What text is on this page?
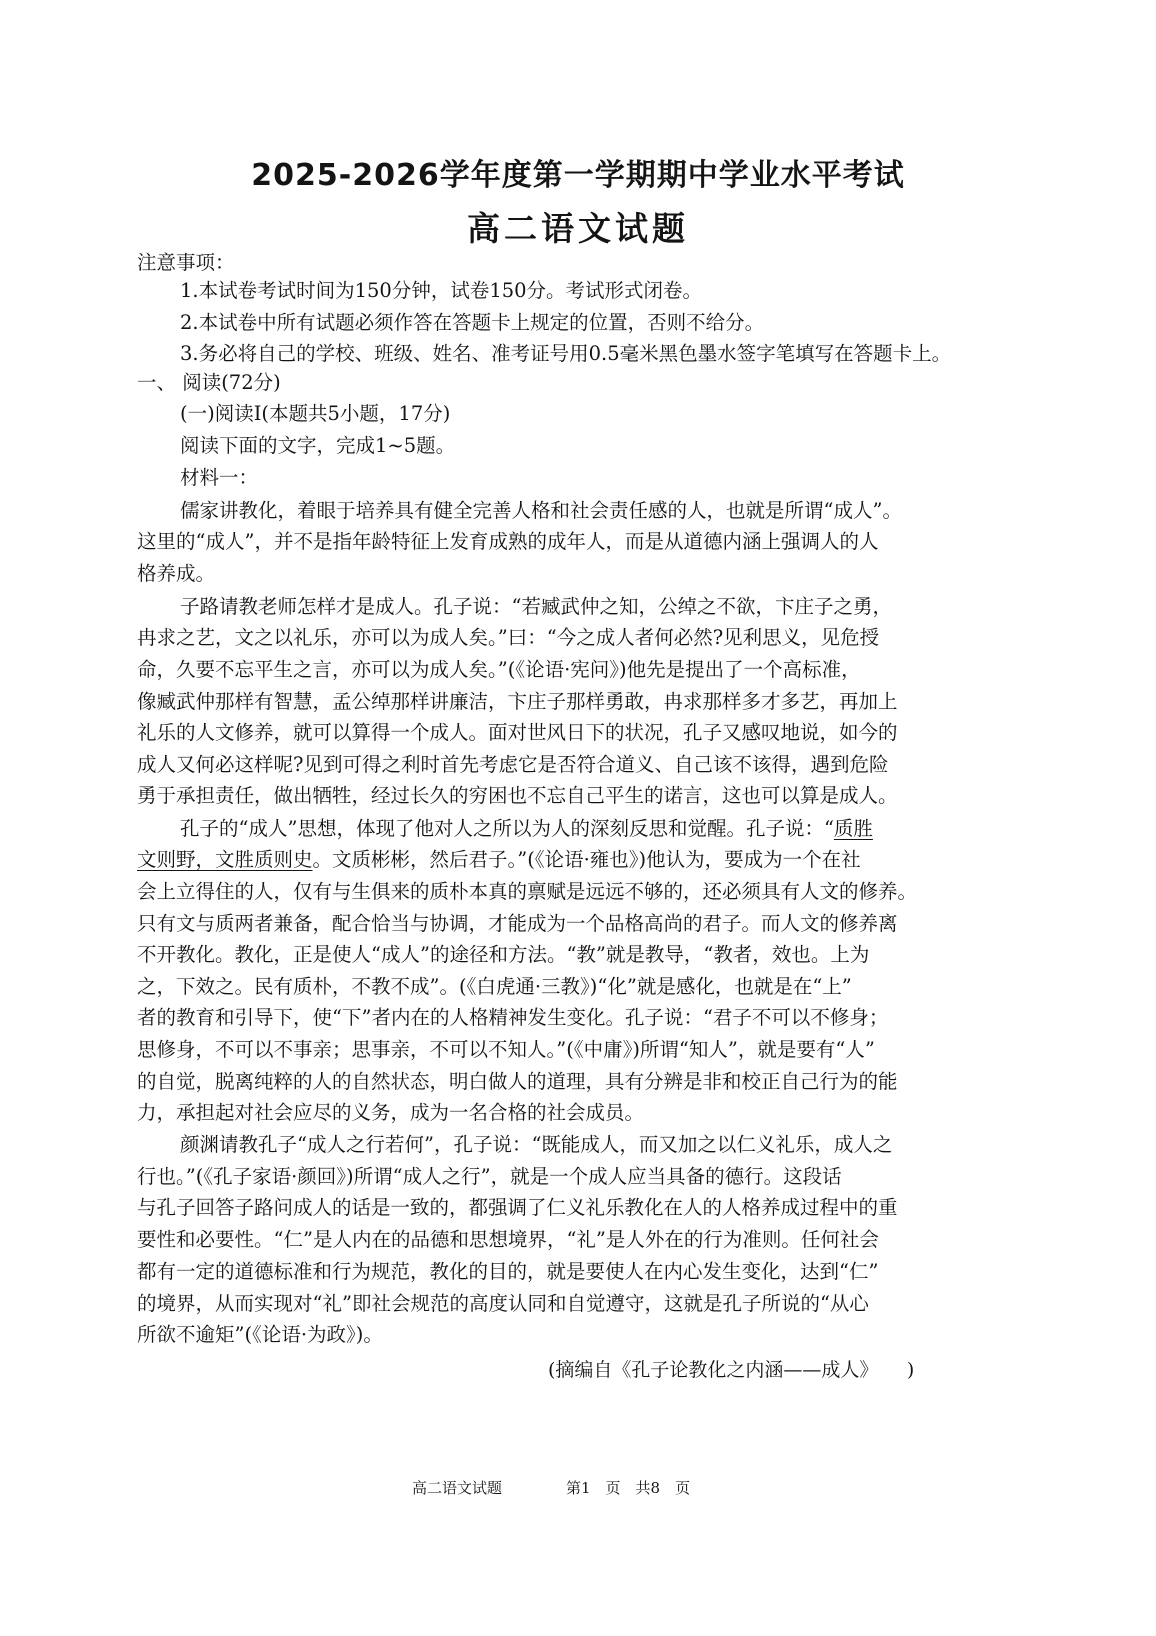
2025-2026学年度第一学期期中学业水平考试
高二语文试题
注意事项：
1.本试卷考试时间为150分钟，试卷150分。考试形式闭卷。
2.本试卷中所有试题必须作答在答题卡上规定的位置，否则不给分。
3.务必将自己的学校、班级、姓名、准考证号用0.5毫米黑色墨水签字笔填写在答题卡上。
一、 阅读(72分)
(一)阅读Ⅰ(本题共5小题，17分)
阅读下面的文字，完成1~5题。
材料一：
儒家讲教化，着眼于培养具有健全完善人格和社会责任感的人，也就是所谓“成人”。
这里的“成人”，并不是指年龄特征上发育成熟的成年人，而是从道德内涵上强调人的人
格养成。
子路请教老师怎样才是成人。孔子说：“若臧武仲之知，公绰之不欲，卞庄子之勇，
冉求之艺，文之以礼乐，亦可以为成人矣。”曰：“今之成人者何必然?见利思义，见危授
命，久要不忘平生之言，亦可以为成人矣。”(《论语·宪问》)他先是提出了一个高标准，
像臧武仲那样有智慧，孟公绰那样讲廉洁，卞庄子那样勇敢，冉求那样多才多艺，再加上
礼乐的人文修养，就可以算得一个成人。面对世风日下的状况，孔子又感叹地说，如今的
成人又何必这样呢?见到可得之利时首先考虑它是否符合道义、自己该不该得，遇到危险
勇于承担责任，做出牺牲，经过长久的穷困也不忘自己平生的诺言，这也可以算是成人。
孔子的“成人”思想，体现了他对人之所以为人的深刻反思和觉醒。孔子说：“质胜
文则野，文胜质则史。文质彬彬，然后君子。”(《论语·雍也》)他认为，要成为一个在社
会上立得住的人，仅有与生俱来的质朴本真的禀赋是远远不够的，还必须具有人文的修养。
只有文与质两者兼备，配合恰当与协调，才能成为一个品格高尚的君子。而人文的修养离
不开教化。教化，正是使人“成人”的途径和方法。“教”就是教导，“教者，效也。上为
之，下效之。民有质朴，不教不成”。(《白虎通·三教》)“化”就是感化，也就是在“上”
者的教育和引导下，使“下”者内在的人格精神发生变化。孔子说：“君子不可以不修身；
思修身，不可以不事亲；思事亲，不可以不知人。”(《中庸》)所谓“知人”，就是要有“人”
的自觉，脱离纯粹的人的自然状态，明白做人的道理，具有分辨是非和校正自己行为的能
力，承担起对社会应尽的义务，成为一名合格的社会成员。
颜渊请教孔子“成人之行若何”，孔子说：“既能成人，而又加之以仁义礼乐，成人之
行也。”(《孔子家语·颜回》)所谓“成人之行”，就是一个成人应当具备的德行。这段话
与孔子回答子路问成人的话是一致的，都强调了仁义礼乐教化在人的人格养成过程中的重
要性和必要性。“仁”是人内在的品德和思想境界，“礼”是人外在的行为准则。任何社会
都有一定的道德标准和行为规范，教化的目的，就是要使人在内心发生变化，达到“仁”
的境界，从而实现对“礼”即社会规范的高度认同和自觉遵守，这就是孔子所说的“从心
所欲不逾矩”(《论语·为政》)。
(摘编自《孔子论教化之内涵——成人》　　)
高二语文试题	第1　页　共8　页
